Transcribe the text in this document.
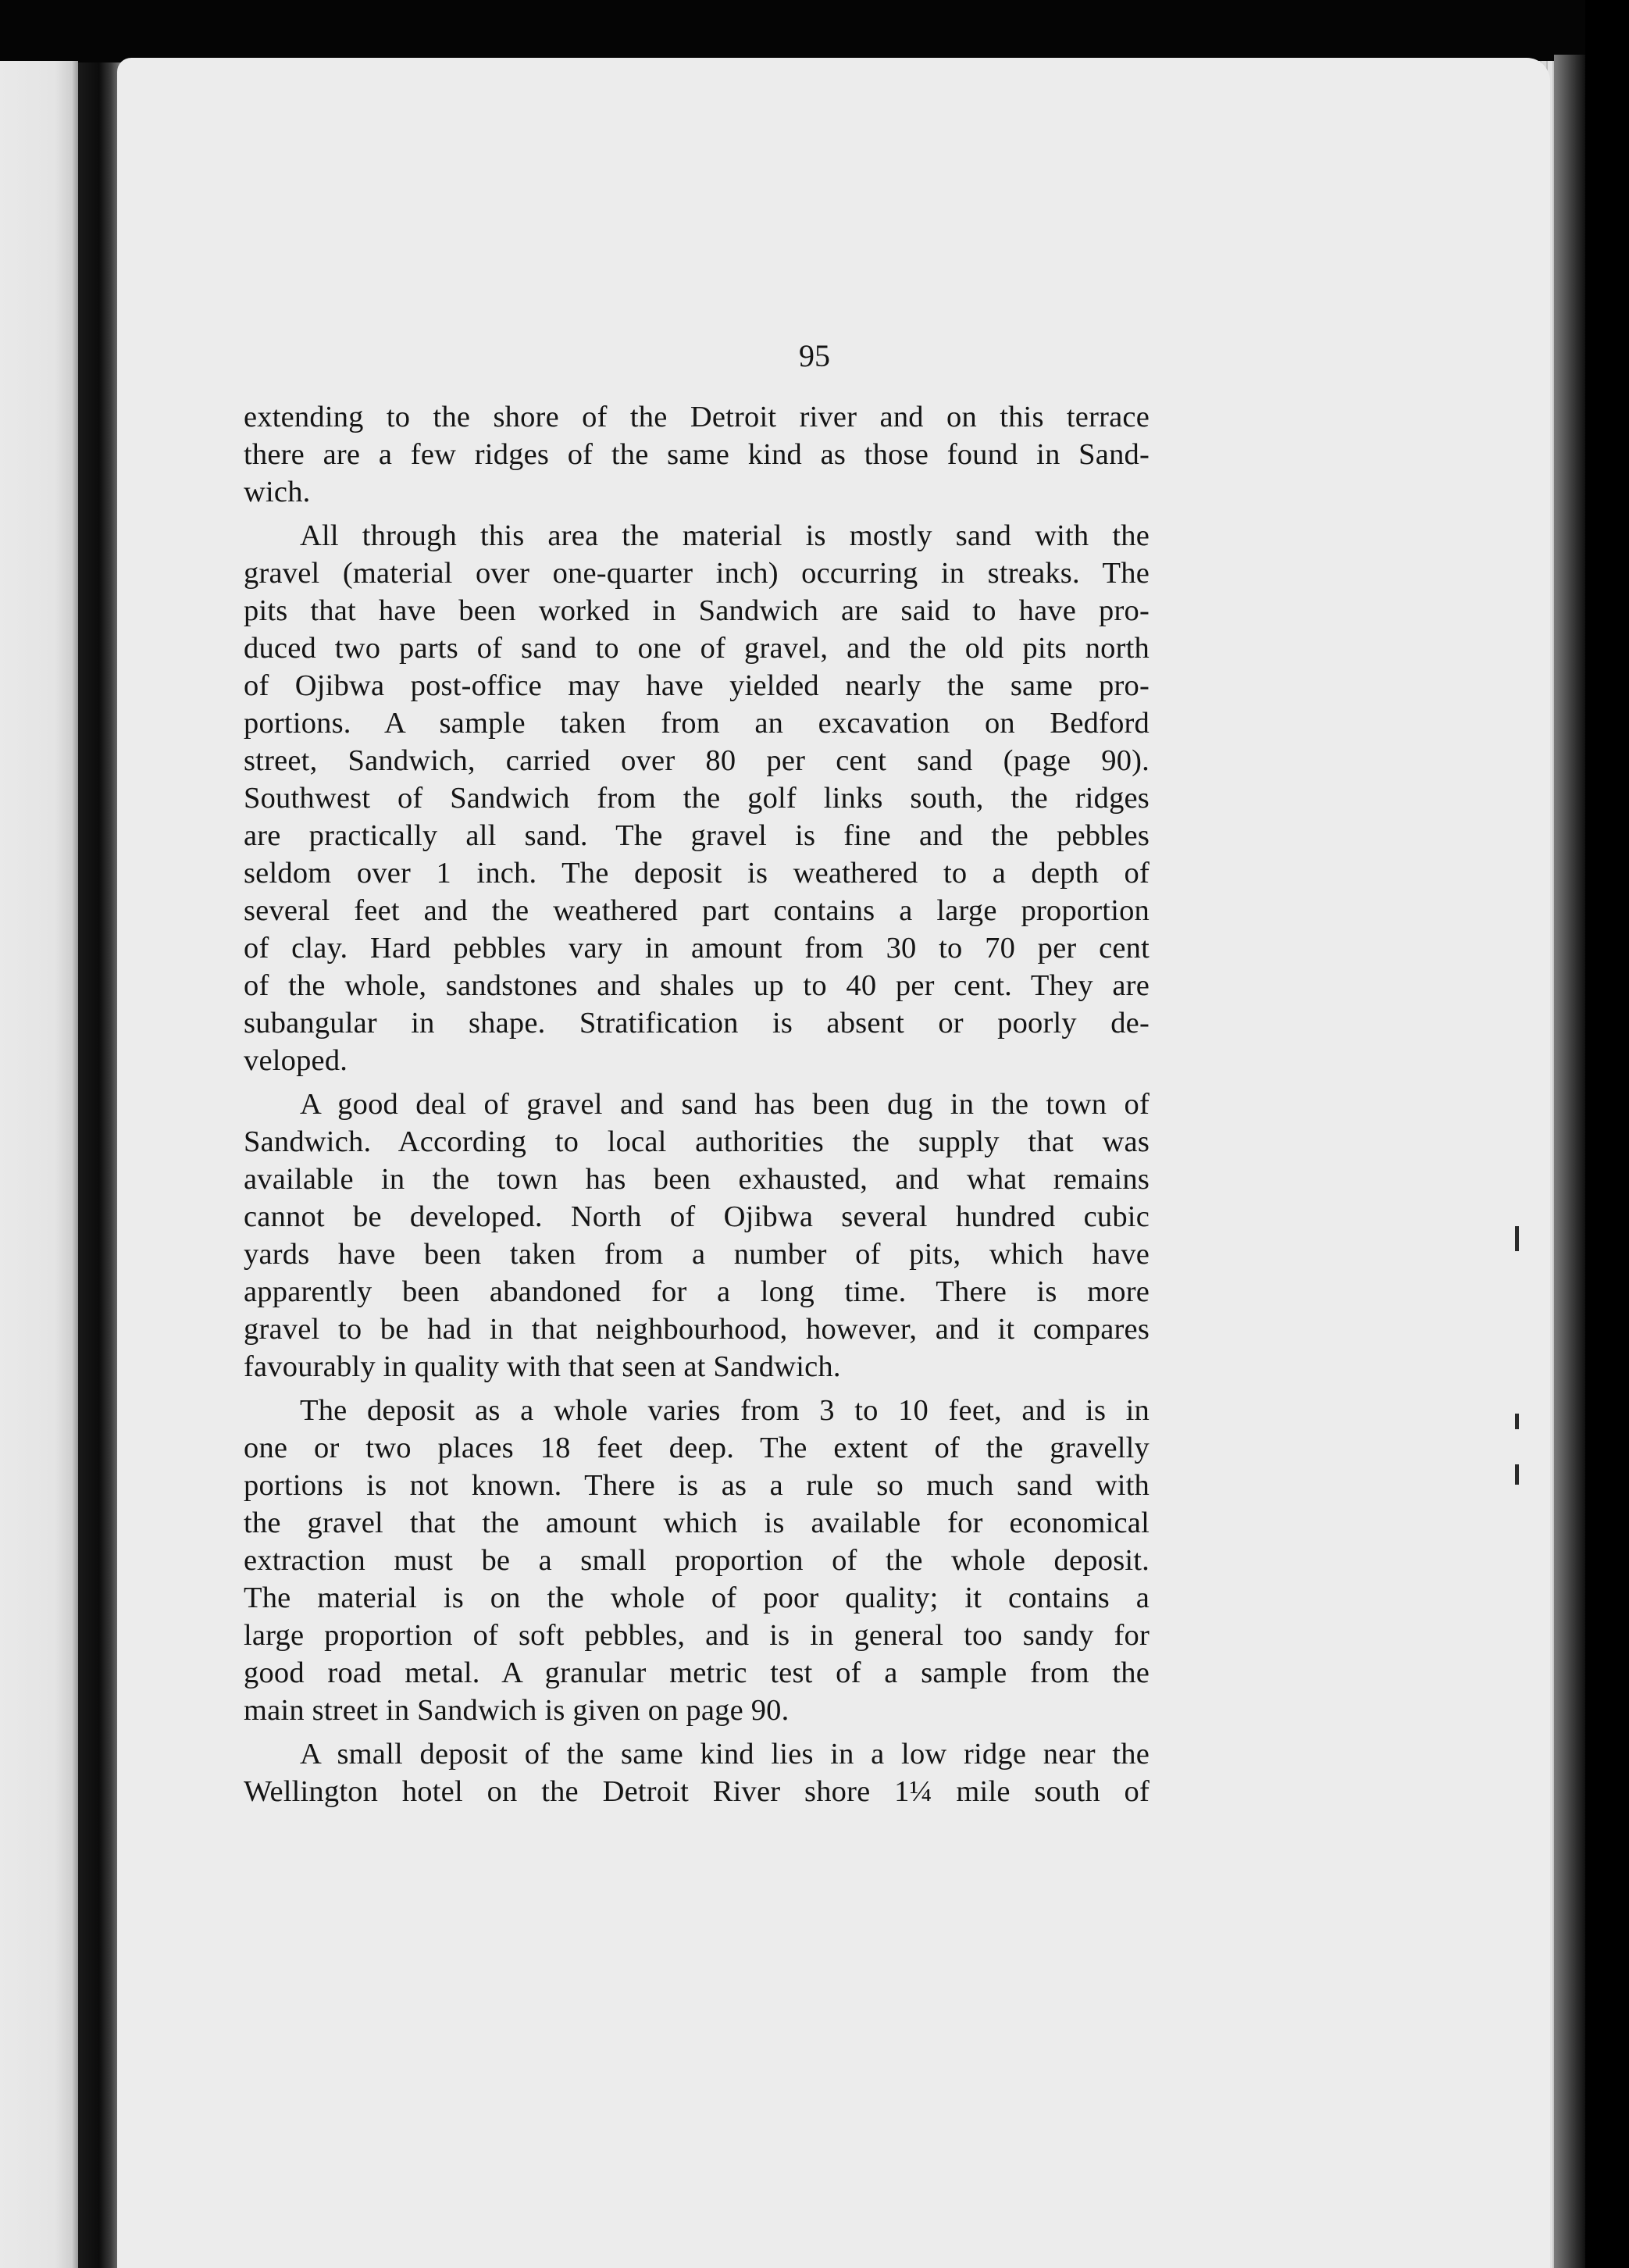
95
extending to the shore of the Detroit river and on this terrace
there are a few ridges of the same kind as those found in Sand-
wich.
All through this area the material is mostly sand with the
gravel (material over one-quarter inch) occurring in streaks. The
pits that have been worked in Sandwich are said to have pro-
duced two parts of sand to one of gravel, and the old pits north
of Ojibwa post-office may have yielded nearly the same pro-
portions. A sample taken from an excavation on Bedford
street, Sandwich, carried over 80 per cent sand (page 90).
Southwest of Sandwich from the golf links south, the ridges
are practically all sand. The gravel is fine and the pebbles
seldom over 1 inch. The deposit is weathered to a depth of
several feet and the weathered part contains a large proportion
of clay. Hard pebbles vary in amount from 30 to 70 per cent
of the whole, sandstones and shales up to 40 per cent. They are
subangular in shape. Stratification is absent or poorly de-
veloped.
A good deal of gravel and sand has been dug in the town of
Sandwich. According to local authorities the supply that was
available in the town has been exhausted, and what remains
cannot be developed. North of Ojibwa several hundred cubic
yards have been taken from a number of pits, which have
apparently been abandoned for a long time. There is more
gravel to be had in that neighbourhood, however, and it compares
favourably in quality with that seen at Sandwich.
The deposit as a whole varies from 3 to 10 feet, and is in
one or two places 18 feet deep. The extent of the gravelly
portions is not known. There is as a rule so much sand with
the gravel that the amount which is available for economical
extraction must be a small proportion of the whole deposit.
The material is on the whole of poor quality; it contains a
large proportion of soft pebbles, and is in general too sandy for
good road metal. A granular metric test of a sample from the
main street in Sandwich is given on page 90.
A small deposit of the same kind lies in a low ridge near the
Wellington hotel on the Detroit River shore 1¼ mile south of
